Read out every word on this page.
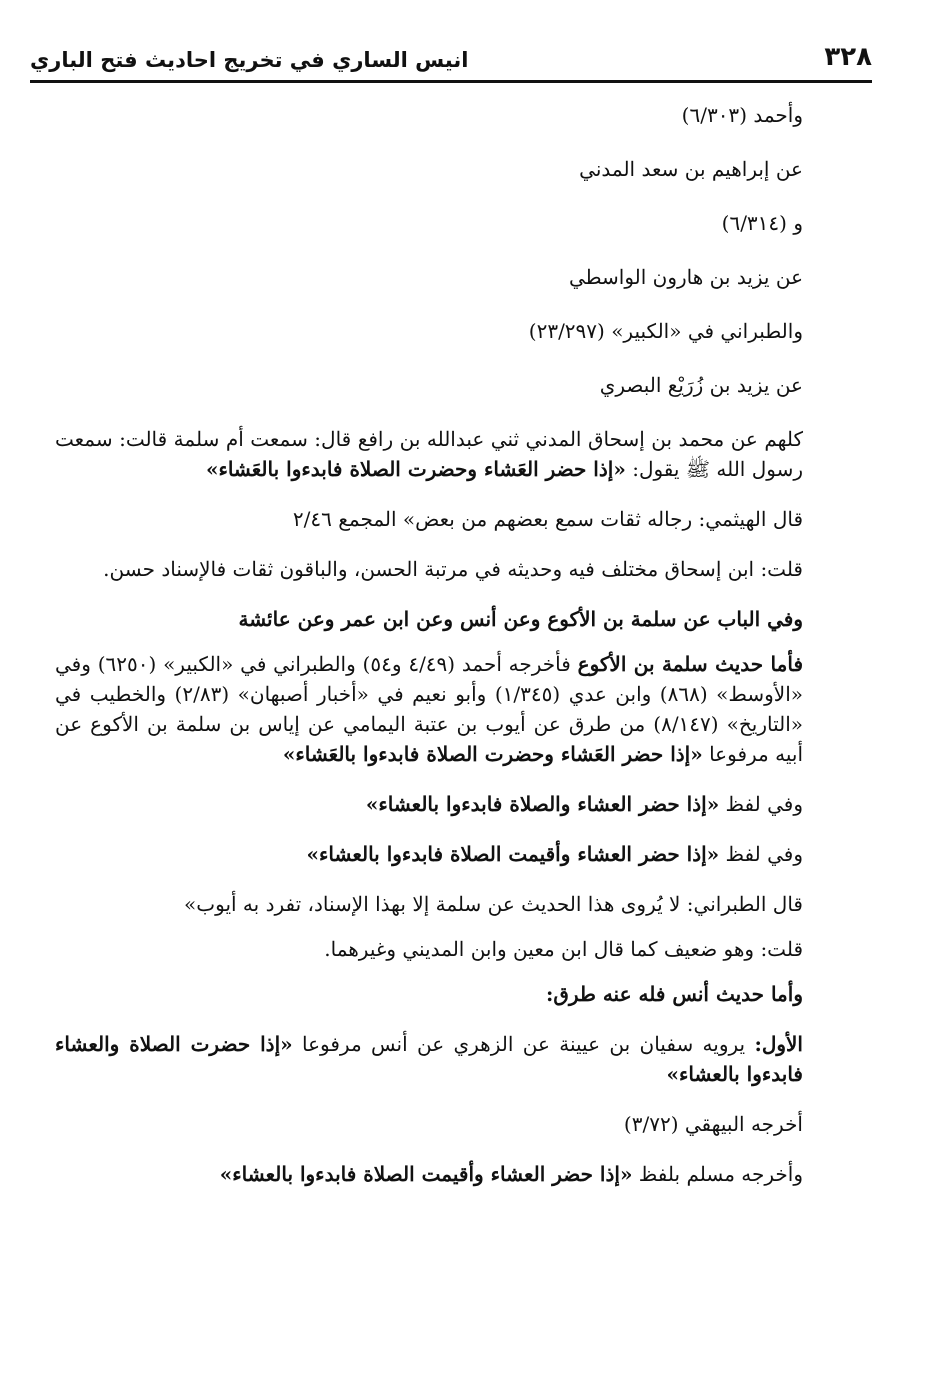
٣٢٨
انيس الساري في تخريج احاديث فتح الباري

وأحمد (٦/٣٠٣)

عن إبراهيم بن سعد المدني

و (٦/٣١٤)

عن يزيد بن هارون الواسطي

والطبراني في «الكبير» (٢٣/٢٩٧)

عن يزيد بن زُرَيْع البصري

كلهم عن محمد بن إسحاق المدني ثني عبدالله بن رافع قال: سمعت أم سلمة قالت: سمعت رسول الله ﷺ يقول: «إذا حضر العَشاء وحضرت الصلاة فابدءوا بالعَشاء»

قال الهيثمي: رجاله ثقات سمع بعضهم من بعض» المجمع ٢/٤٦

قلت: ابن إسحاق مختلف فيه وحديثه في مرتبة الحسن، والباقون ثقات فالإسناد حسن.

وفي الباب عن سلمة بن الأكوع وعن أنس وعن ابن عمر وعن عائشة

فأما حديث سلمة بن الأكوع فأخرجه أحمد (٤/٤٩ و٥٤) والطبراني في «الكبير» (٦٢٥٠) وفي «الأوسط» (٨٦٨) وابن عدي (١/٣٤٥) وأبو نعيم في «أخبار أصبهان» (٢/٨٣) والخطيب في «التاريخ» (٨/١٤٧) من طرق عن أيوب بن عتبة اليمامي عن إياس بن سلمة بن الأكوع عن أبيه مرفوعا «إذا حضر العَشاء وحضرت الصلاة فابدءوا بالعَشاء»

وفي لفظ «إذا حضر العشاء والصلاة فابدءوا بالعشاء»

وفي لفظ «إذا حضر العشاء وأقيمت الصلاة فابدءوا بالعشاء»

قال الطبراني: لا يُروى هذا الحديث عن سلمة إلا بهذا الإسناد، تفرد به أيوب»

قلت: وهو ضعيف كما قال ابن معين وابن المديني وغيرهما.

وأما حديث أنس فله عنه طرق:

الأول: يرويه سفيان بن عيينة عن الزهري عن أنس مرفوعا «إذا حضرت الصلاة والعشاء فابدءوا بالعشاء»

أخرجه البيهقي (٣/٧٢)

وأخرجه مسلم بلفظ «إذا حضر العشاء وأقيمت الصلاة فابدءوا بالعشاء»
